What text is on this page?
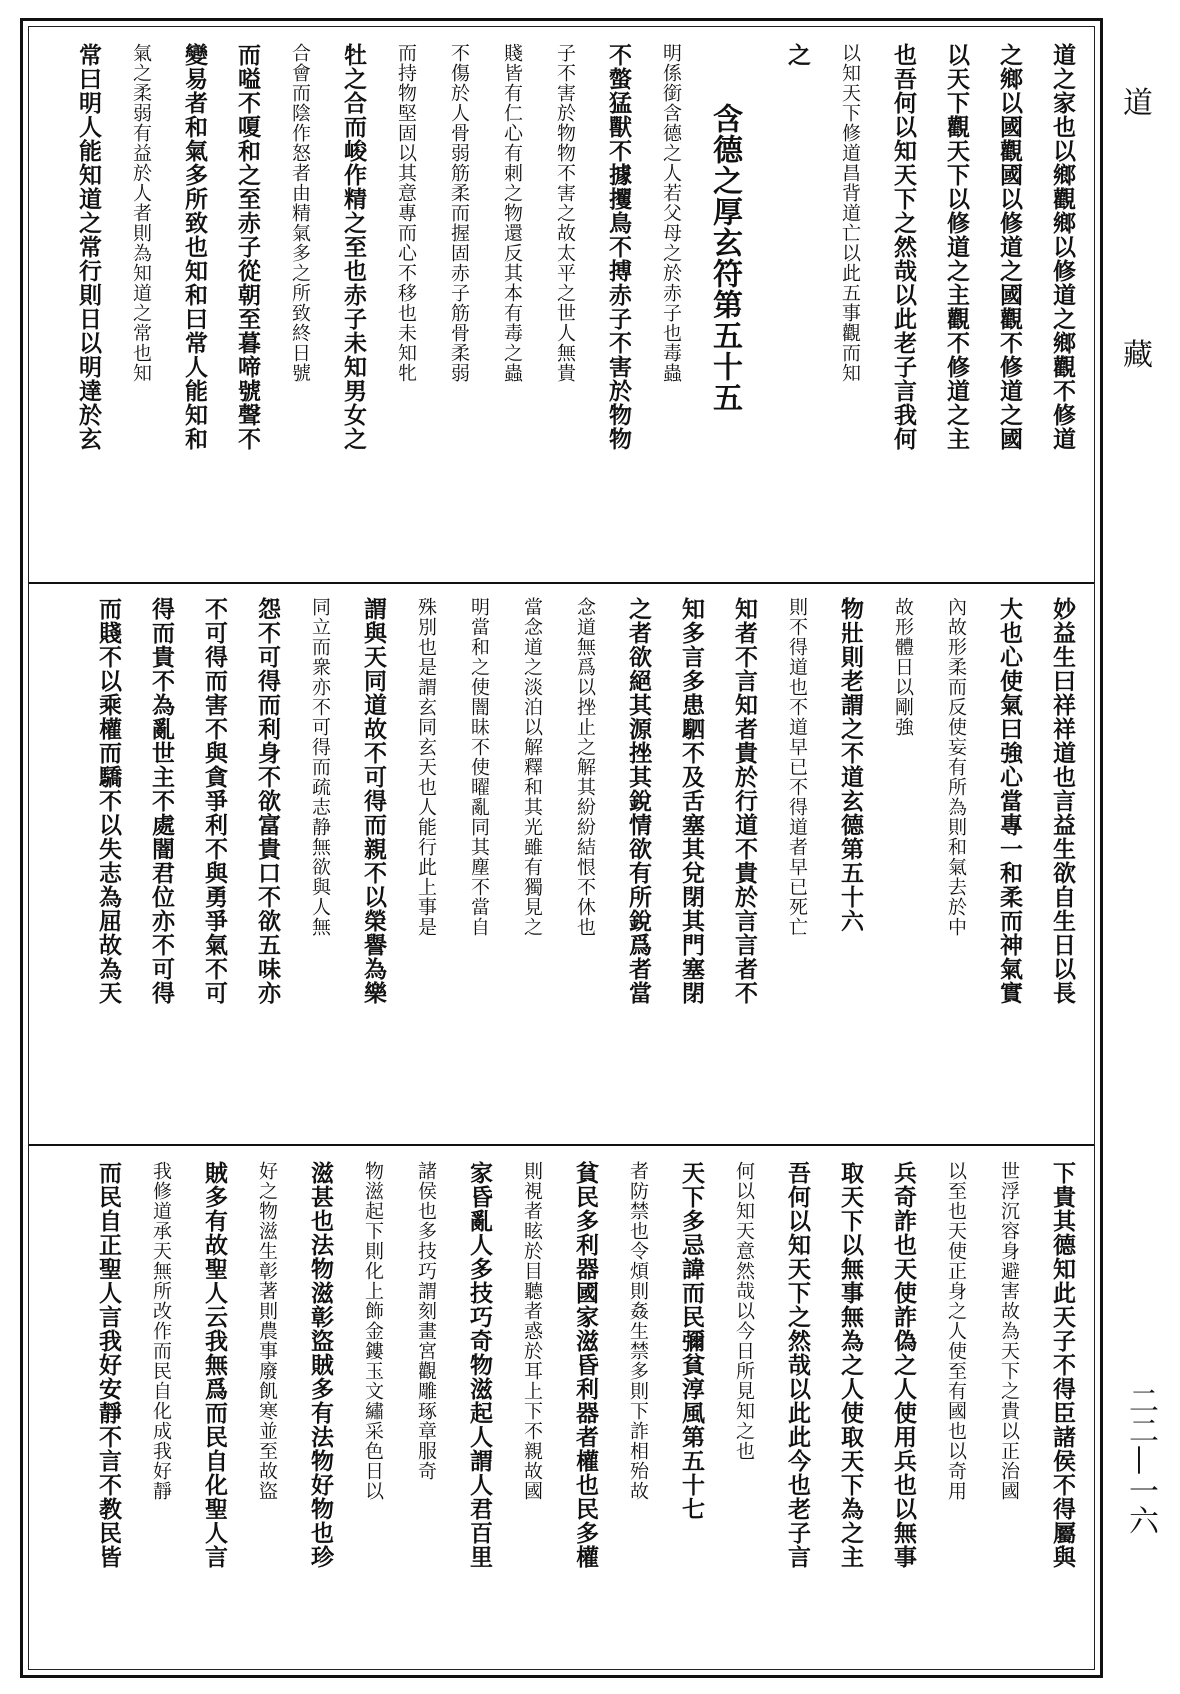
道之家也以鄉觀鄉以修道之鄉觀不修道
之鄉以國觀國以修道之國觀不修道之國
以天下觀天下以修道之主觀不修道之主
也吾何以知天下之然哉以此老子言我何
以知天下修道昌背道亡以此五事觀而知
之
含德之厚玄符第五十五
明係銜含德之人若父母之於赤子也毒蟲
不螫猛獸不據攫鳥不搏赤子不害於物物
子不害於物物不害之故太平之世人無貴
賤皆有仁心有刺之物還反其本有毒之蟲
不傷於人骨弱筋柔而握固赤子筋骨柔弱
而持物堅固以其意專而心不移也未知牝
牡之合而峻作精之至也赤子未知男女之
合會而陰作怒者由精氣多之所致終日號
而嗌不嗄和之至赤子從朝至暮啼號聲不
變易者和氣多所致也知和曰常人能知和
氣之柔弱有益於人者則為知道之常也知
常曰明人能知道之常行則日以明達於玄
妙益生曰祥祥道也言益生欲自生日以長
大也心使氣曰強心當專一和柔而神氣實
內故形柔而反使妄有所為則和氣去於中
故形體日以剛強
物壯則老謂之不道玄德第五十六
則不得道也不道早已不得道者早已死亡
知者不言知者貴於行道不貴於言言者不
知多言多患駟不及舌塞其兌閉其門塞閉
之者欲絕其源挫其銳情欲有所銳爲者當
念道無爲以挫止之解其紛紛結恨不休也
當念道之淡泊以解釋和其光雖有獨見之
明當和之使闇昧不使曜亂同其塵不當自
殊別也是謂玄同玄天也人能行此上事是
謂與天同道故不可得而親不以榮譽為樂
同立而衆亦不可得而疏志静無欲與人無
怨不可得而利身不欲富貴口不欲五味亦
不可得而害不與貪爭利不與勇爭氣不可
得而貴不為亂世主不處闇君位亦不可得
而賤不以乘權而驕不以失志為屈故為天
下貴其德知此天子不得臣諸侯不得屬與
世浮沉容身避害故為天下之貴以正治國
以至也天使正身之人使至有國也以奇用
兵奇詐也天使詐偽之人使用兵也以無事
取天下以無事無為之人使取天下為之主
吾何以知天下之然哉以此此今也老子言
何以知天意然哉以今日所見知之也
天下多忌諱而民彌貧淳風第五十七
者防禁也令煩則姦生禁多則下詐相殆故
貧民多利器國家滋昏利器者權也民多權
則視者眩於目聽者惑於耳上下不親故國
家昏亂人多技巧奇物滋起人謂人君百里
諸侯也多技巧謂刻畫宮觀雕琢章服奇
物滋起下則化上飾金鏤玉文繡采色日以
滋甚也法物滋彰盜賊多有法物好物也珍
好之物滋生彰著則農事廢飢寒並至故盜
賊多有故聖人云我無爲而民自化聖人言
我修道承天無所改作而民自化成我好靜
而民自正聖人言我好安靜不言不教民皆
道
藏
二二—一六
